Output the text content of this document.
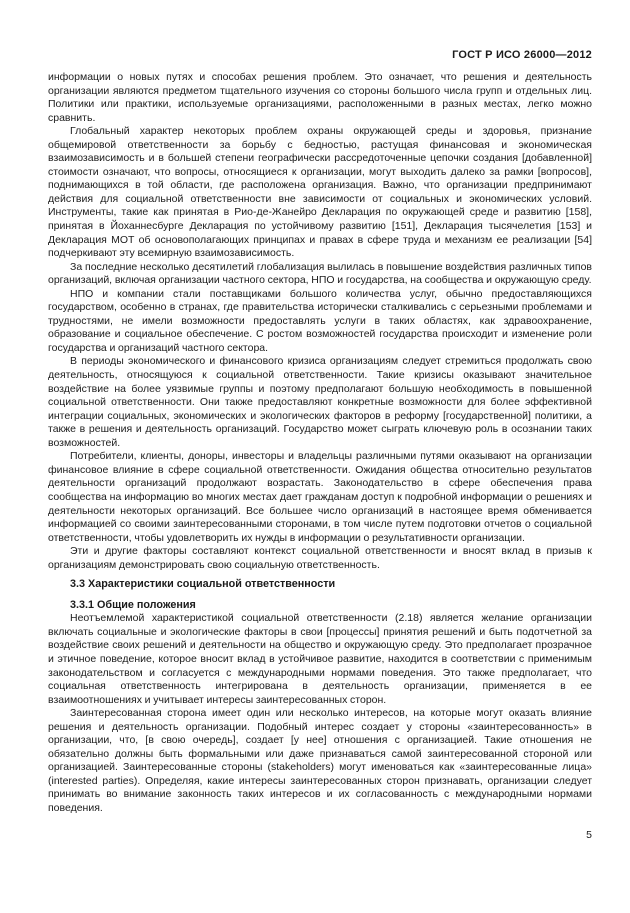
ГОСТ Р ИСО 26000—2012

информации о новых путях и способах решения проблем. Это означает, что решения и деятельность организации являются предметом тщательного изучения со стороны большого числа групп и отдельных лиц. Политики или практики, используемые организациями, расположенными в разных местах, легко можно сравнить.

Глобальный характер некоторых проблем охраны окружающей среды и здоровья, признание общемировой ответственности за борьбу с бедностью, растущая финансовая и экономическая взаимозависимость и в большей степени географически рассредоточенные цепочки создания [добавленной] стоимости означают, что вопросы, относящиеся к организации, могут выходить далеко за рамки [вопросов], поднимающихся в той области, где расположена организация. Важно, что организации предпринимают действия для социальной ответственности вне зависимости от социальных и экономических условий. Инструменты, такие как принятая в Рио-де-Жанейро Декларация по окружающей среде и развитию [158], принятая в Йоханнесбурге Декларация по устойчивому развитию [151], Декларация тысячелетия [153] и Декларация МОТ об основополагающих принципах и правах в сфере труда и механизм ее реализации [54] подчеркивают эту всемирную взаимозависимость.

За последние несколько десятилетий глобализация вылилась в повышение воздействия различных типов организаций, включая организации частного сектора, НПО и государства, на сообщества и окружающую среду.

НПО и компании стали поставщиками большого количества услуг, обычно предоставляющихся государством, особенно в странах, где правительства исторически сталкивались с серьезными проблемами и трудностями, не имели возможности предоставлять услуги в таких областях, как здравоохранение, образование и социальное обеспечение. С ростом возможностей государства происходит и изменение роли государства и организаций частного сектора.

В периоды экономического и финансового кризиса организациям следует стремиться продолжать свою деятельность, относящуюся к социальной ответственности. Такие кризисы оказывают значительное воздействие на более уязвимые группы и поэтому предполагают большую необходимость в повышенной социальной ответственности. Они также предоставляют конкретные возможности для более эффективной интеграции социальных, экономических и экологических факторов в реформу [государственной] политики, а также в решения и деятельность организаций. Государство может сыграть ключевую роль в осознании таких возможностей.

Потребители, клиенты, доноры, инвесторы и владельцы различными путями оказывают на организации финансовое влияние в сфере социальной ответственности. Ожидания общества относительно результатов деятельности организаций продолжают возрастать. Законодательство в сфере обеспечения права сообщества на информацию во многих местах дает гражданам доступ к подробной информации о решениях и деятельности некоторых организаций. Все большее число организаций в настоящее время обменивается информацией со своими заинтересованными сторонами, в том числе путем подготовки отчетов о социальной ответственности, чтобы удовлетворить их нужды в информации о результативности организации.

Эти и другие факторы составляют контекст социальной ответственности и вносят вклад в призыв к организациям демонстрировать свою социальную ответственность.

3.3 Характеристики социальной ответственности

3.3.1 Общие положения

Неотъемлемой характеристикой социальной ответственности (2.18) является желание организации включать социальные и экологические факторы в свои [процессы] принятия решений и быть подотчетной за воздействие своих решений и деятельности на общество и окружающую среду. Это предполагает прозрачное и этичное поведение, которое вносит вклад в устойчивое развитие, находится в соответствии с применимым законодательством и согласуется с международными нормами поведения. Это также предполагает, что социальная ответственность интегрирована в деятельность организации, применяется в ее взаимоотношениях и учитывает интересы заинтересованных сторон.

Заинтересованная сторона имеет один или несколько интересов, на которые могут оказать влияние решения и деятельность организации. Подобный интерес создает у стороны «заинтересованность» в организации, что, [в свою очередь], создает [у нее] отношения с организацией. Такие отношения не обязательно должны быть формальными или даже признаваться самой заинтересованной стороной или организацией. Заинтересованные стороны (stakeholders) могут именоваться как «заинтересованные лица» (interested parties). Определяя, какие интересы заинтересованных сторон признавать, организации следует принимать во внимание законность таких интересов и их согласованность с международными нормами поведения.

5
